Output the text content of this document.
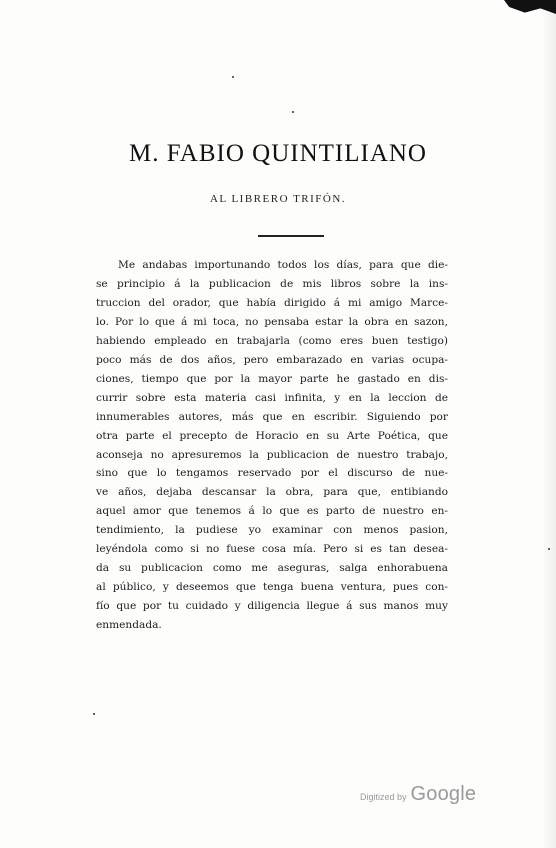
M. FABIO QUINTILIANO
AL LIBRERO TRIFÓN.
Me andabas importunando todos los días, para que die-
se principio á la publicacion de mis libros sobre la ins-
truccion del orador, que había dirigido á mi amigo Marce-
lo. Por lo que á mi toca, no pensaba estar la obra en sazon,
habiendo empleado en trabajarla (como eres buen testigo)
poco más de dos años, pero embarazado en varias ocupa-
ciones, tiempo que por la mayor parte he gastado en dis-
currir sobre esta materia casi infinita, y en la leccion de
innumerables autores, más que en escribir. Siguiendo por
otra parte el precepto de Horacio en su Arte Poética, que
aconseja no apresuremos la publicacion de nuestro trabajo,
sino que lo tengamos reservado por el discurso de nue-
ve años, dejaba descansar la obra, para que, entibiando
aquel amor que tenemos á lo que es parto de nuestro en-
tendimiento, la pudiese yo examinar con menos pasion,
leyéndola como si no fuese cosa mía. Pero si es tan desea-
da su publicacion como me aseguras, salga enhorabuena
al público, y deseemos que tenga buena ventura, pues con-
fío que por tu cuidado y diligencia llegue á sus manos muy
enmendada.
Digitized by Google
